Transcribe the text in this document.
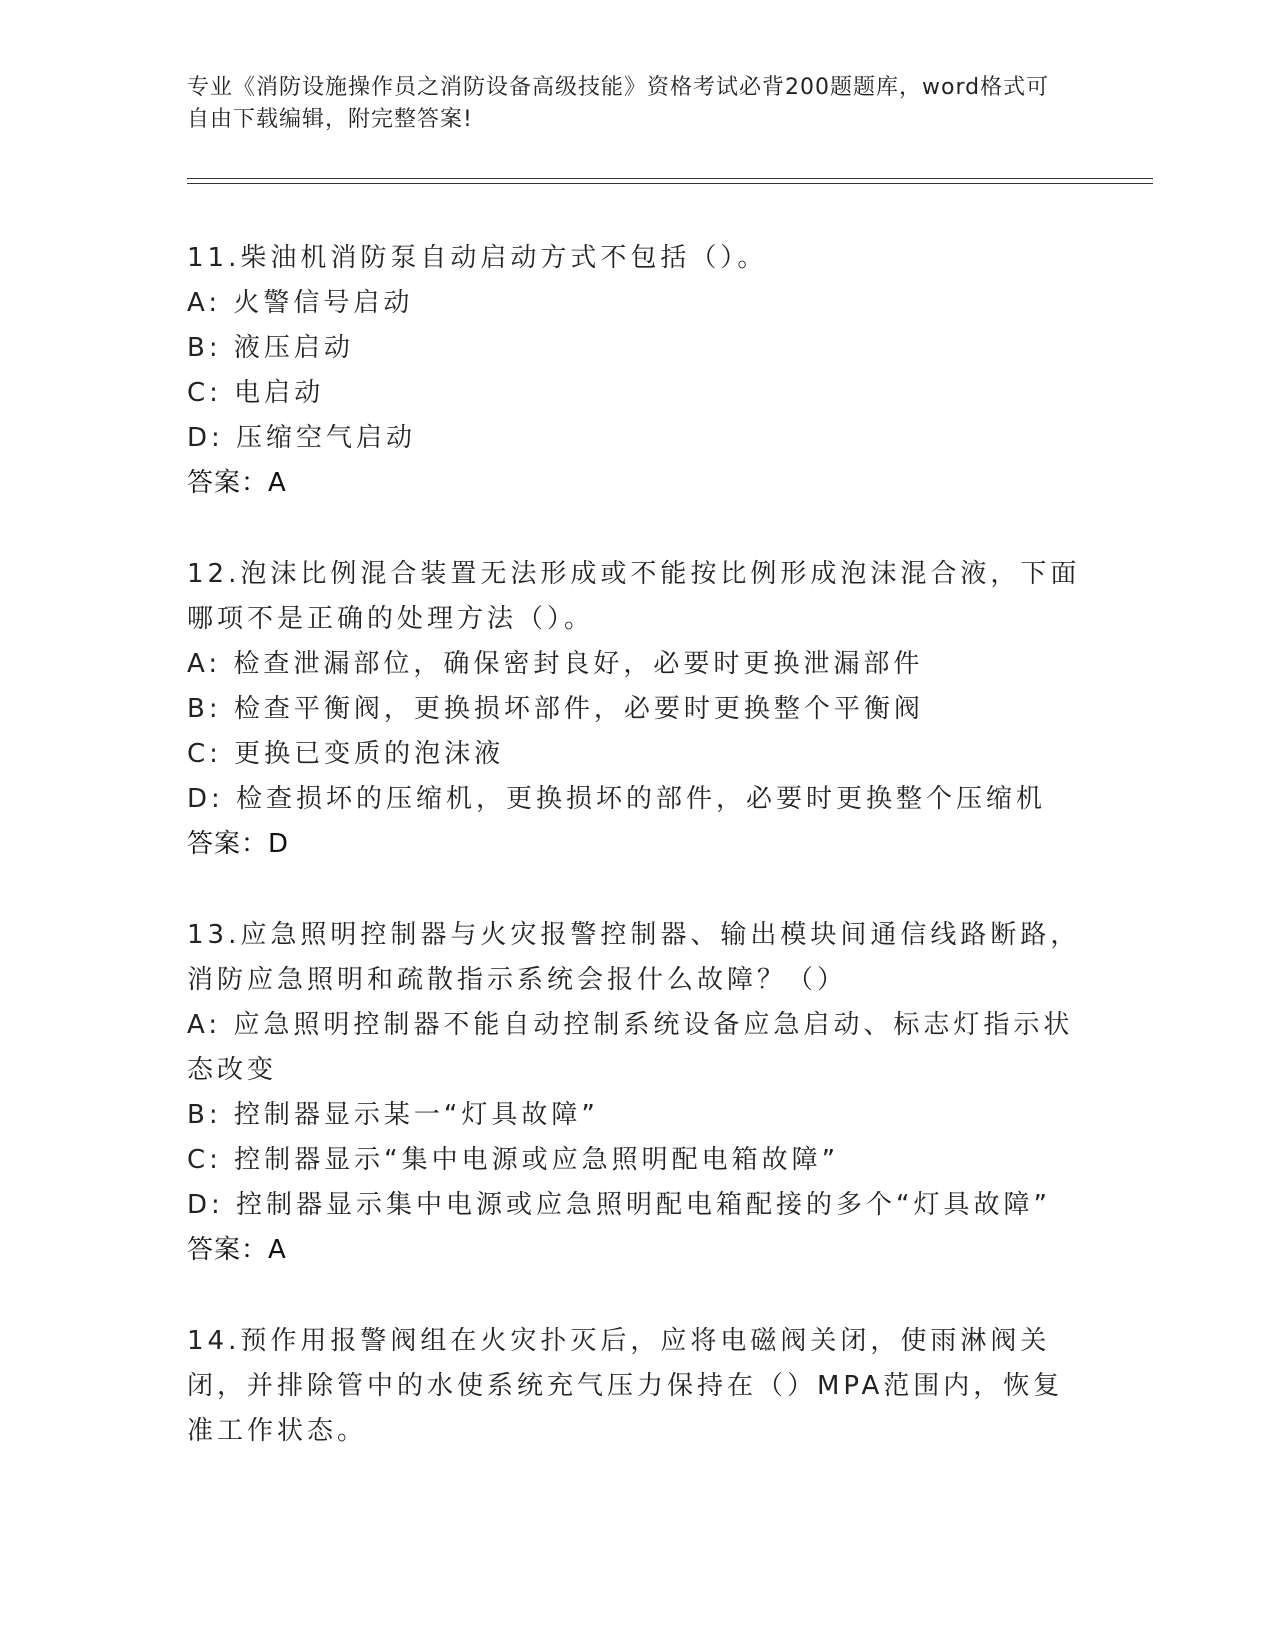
专业《消防设施操作员之消防设备高级技能》资格考试必背200题题库，word格式可自由下载编辑，附完整答案!

11.柴油机消防泵自动启动方式不包括（）。

A: 火警信号启动

B: 液压启动

C: 电启动

D: 压缩空气启动

答案：A

12.泡沫比例混合装置无法形成或不能按比例形成泡沫混合液，下面哪项不是正确的处理方法（）。

A: 检查泄漏部位，确保密封良好，必要时更换泄漏部件

B: 检查平衡阀，更换损坏部件，必要时更换整个平衡阀

C: 更换已变质的泡沫液

D: 检查损坏的压缩机，更换损坏的部件，必要时更换整个压缩机

答案：D

13.应急照明控制器与火灾报警控制器、输出模块间通信线路断路，消防应急照明和疏散指示系统会报什么故障？（）

A: 应急照明控制器不能自动控制系统设备应急启动、标志灯指示状态改变

B: 控制器显示某一“灯具故障”

C: 控制器显示“集中电源或应急照明配电箱故障”

D: 控制器显示集中电源或应急照明配电箱配接的多个“灯具故障”

答案：A

14.预作用报警阀组在火灾扑灭后，应将电磁阀关闭，使雨淋阀关闭，并排除管中的水使系统充气压力保持在（）MPA范围内，恢复准工作状态。
